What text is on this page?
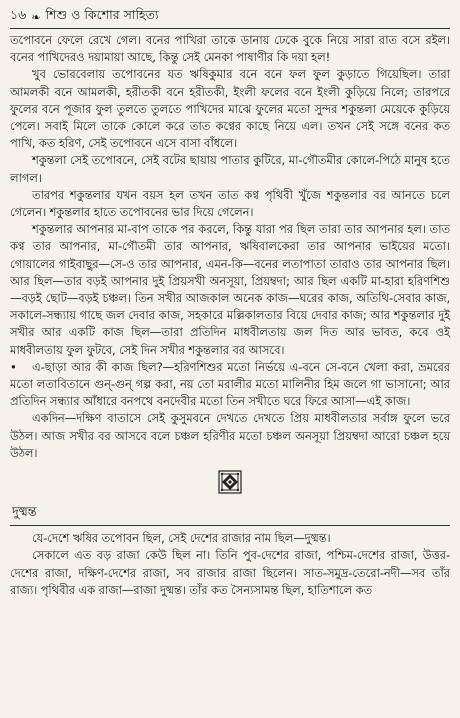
১৬ ❧ শিশু ও কিশোর সাহিত্য

তপোবনে ফেলে রেখে গেল। বনের পাখিরা তাকে ডানায় ঢেকে বুকে নিয়ে সারা রাত বসে রইল। বনের পাখিদেরও দয়ামায়া আছে, কিন্তু সেই মেনকা পাষাণীর কি দয়া হল!

খুব ভোরবেলায় তপোবনের যত ঋষিকুমার বনে বনে ফল ফুল কুড়াতে গিয়েছিল। তারা আমলকী বনে আমলকী, হরীতকী বনে হরীতকী, ইংলী ফলের বনে ইংলী কুড়িয়ে নিলে; তারপরে ফুলের বনে পূজার ফুল তুলতে তুলতে পাখিদের মাঝে ফুলের মতো সুন্দর শকুন্তলা মেয়েকে কুড়িয়ে পেলে। সবাই মিলে তাকে কোলে করে তাত কণ্বের কাছে নিয়ে এল। তখন সেই সঙ্গে বনের কত পাখি, কত হরিণ, সেই তপোবনে এসে বাসা বাঁধলে।

শকুন্তলা সেই তপোবনে, সেই বটের ছায়ায় পাতার কুটিরে, মা-গৌতমীর কোলে-পিঠে মানুষ হতে লাগল।

তারপর শকুন্তলার যখন বয়স হল তখন তাত কণ্ব পৃথিবী খুঁজে শকুন্তলার বর আনতে চলে গেলেন। শকুন্তলার হাতে তপোবনের ভার দিয়ে গেলেন।

শকুন্তলার আপনার মা-বাপ তাকে পর করলে, কিন্তু যারা পর ছিল তারা তার আপনার হল। তাত কণ্ব তার আপনার, মা-গৌতমী তার আপনার, ঋষিবালকেরা তার আপনার ভাইয়ের মতো। গোয়ালের গাইবাছুর—সে-ও তার আপনার, এমন-কি—বনের লতাপাতা তারাও তার আপনার ছিল। আর ছিল—তার বড়ই আপনার দুই প্রিয়সখী অনসূয়া, প্রিয়ম্বদা; আর ছিল একটি মা-হারা হরিণশিশু—বড়ই ছোট—বড়ই চঞ্চল। তিন সখীর আজকাল অনেক কাজ—ঘরের কাজ, অতিথি-সেবার কাজ, সকালে-সন্ধ্যায় গাছে জল দেবার কাজ, সহকারে মল্লিকালতার বিয়ে দেবার কাজ; আর শকুন্তলার দুই সখীর আর একটি কাজ ছিল—তারা প্রতিদিন মাধবীলতায় জল দিত আর ভাবত, কবে ওই মাধবীলতায় ফুল ফুটবে, সেই দিন সখীর শকুন্তলার বর আসবে।

•	এ-ছাড়া আর কী কাজ ছিল?—হরিণশিশুর মতো নির্ভয়ে এ-বনে সে-বনে খেলা করা, ভ্রমরের মতো লতাবিতানে গুন্-গুন্ গল্প করা, নয় তো মরালীর মতো মালিনীর হিম জলে গা ভাসানো; আর প্রতিদিন সন্ধ্যার আঁধারে বনপথে বনদেবীর মতো তিন সখীতে ঘরে ফিরে আসা—এই কাজ।

একদিন—দক্ষিণ বাতাসে সেই কুসুমবনে দেখতে দেখতে প্রিয় মাধবীলতার সর্বাঙ্গ ফুলে ভরে উঠল। আজ সখীর বর আসবে বলে চঞ্চল হরিণীর মতো চঞ্চল অনসূয়া প্রিয়ম্বদা আরো চঞ্চল হয়ে উঠল।

দুষ্মন্ত

যে-দেশে ঋষির তপোবন ছিল, সেই দেশের রাজার নাম ছিল—দুষ্মন্ত।

সেকালে এত বড় রাজা কেউ ছিল না। তিনি পুব-দেশের রাজা, পশ্চিম-দেশের রাজা, উত্তর-দেশের রাজা, দক্ষিণ-দেশের রাজা, সব রাজার রাজা ছিলেন। সাত-সমুদ্র-তেরো-নদী—সব তাঁর রাজ্য। পৃথিবীর এক রাজা—রাজা দুষ্মন্ত। তাঁর কত সৈন্যসামন্ত ছিল, হাতিশালে কত
